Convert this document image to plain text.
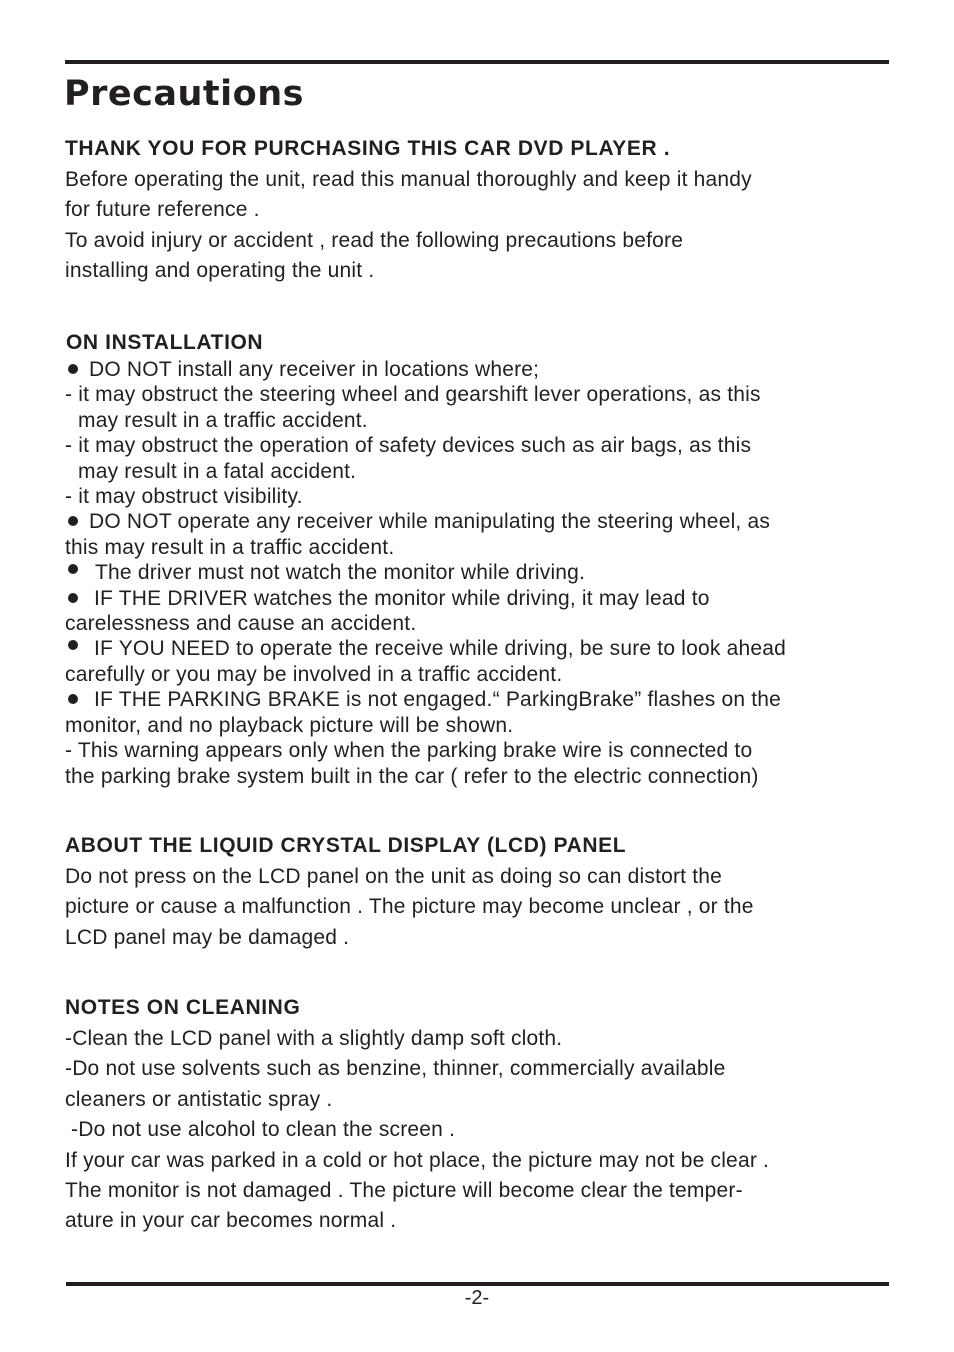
Precautions
THANK YOU FOR PURCHASING THIS CAR DVD PLAYER .
Before operating the unit, read this manual thoroughly and keep it handy
for future reference .
To avoid injury or accident , read the following precautions before
installing and operating the unit .
ON INSTALLATION
DO NOT install any receiver in locations where;
- it may obstruct the steering wheel and gearshift lever operations, as this
may result in a traffic accident.
- it may obstruct the operation of safety devices such as air bags, as this
may result in a fatal accident.
- it may obstruct visibility.
DO NOT operate any receiver while manipulating the steering wheel, as
this may result in a traffic accident.
The driver must not watch the monitor while driving.
IF THE DRIVER watches the monitor while driving, it may lead to
carelessness and cause an accident.
IF YOU NEED to operate the receive while driving, be sure to look ahead
carefully or you may be involved in a traffic accident.
IF THE PARKING BRAKE is not engaged.“ ParkingBrake” flashes on the
monitor, and no playback picture will be shown.
- This warning appears only when the parking brake wire is connected to
the parking brake system built in the car ( refer to the electric connection)
ABOUT THE LIQUID CRYSTAL DISPLAY (LCD) PANEL
Do not press on the LCD panel on the unit as doing so can distort the
picture or cause a malfunction . The picture may become unclear , or the
LCD panel may be damaged .
NOTES ON CLEANING
-Clean the LCD panel with a slightly damp soft cloth.
-Do not use solvents such as benzine, thinner, commercially available
cleaners or antistatic spray .
-Do not use alcohol to clean the screen .
If your car was parked in a cold or hot place, the picture may not be clear .
The monitor is not damaged . The picture will become clear the temper-
ature in your car becomes normal .
-2-
